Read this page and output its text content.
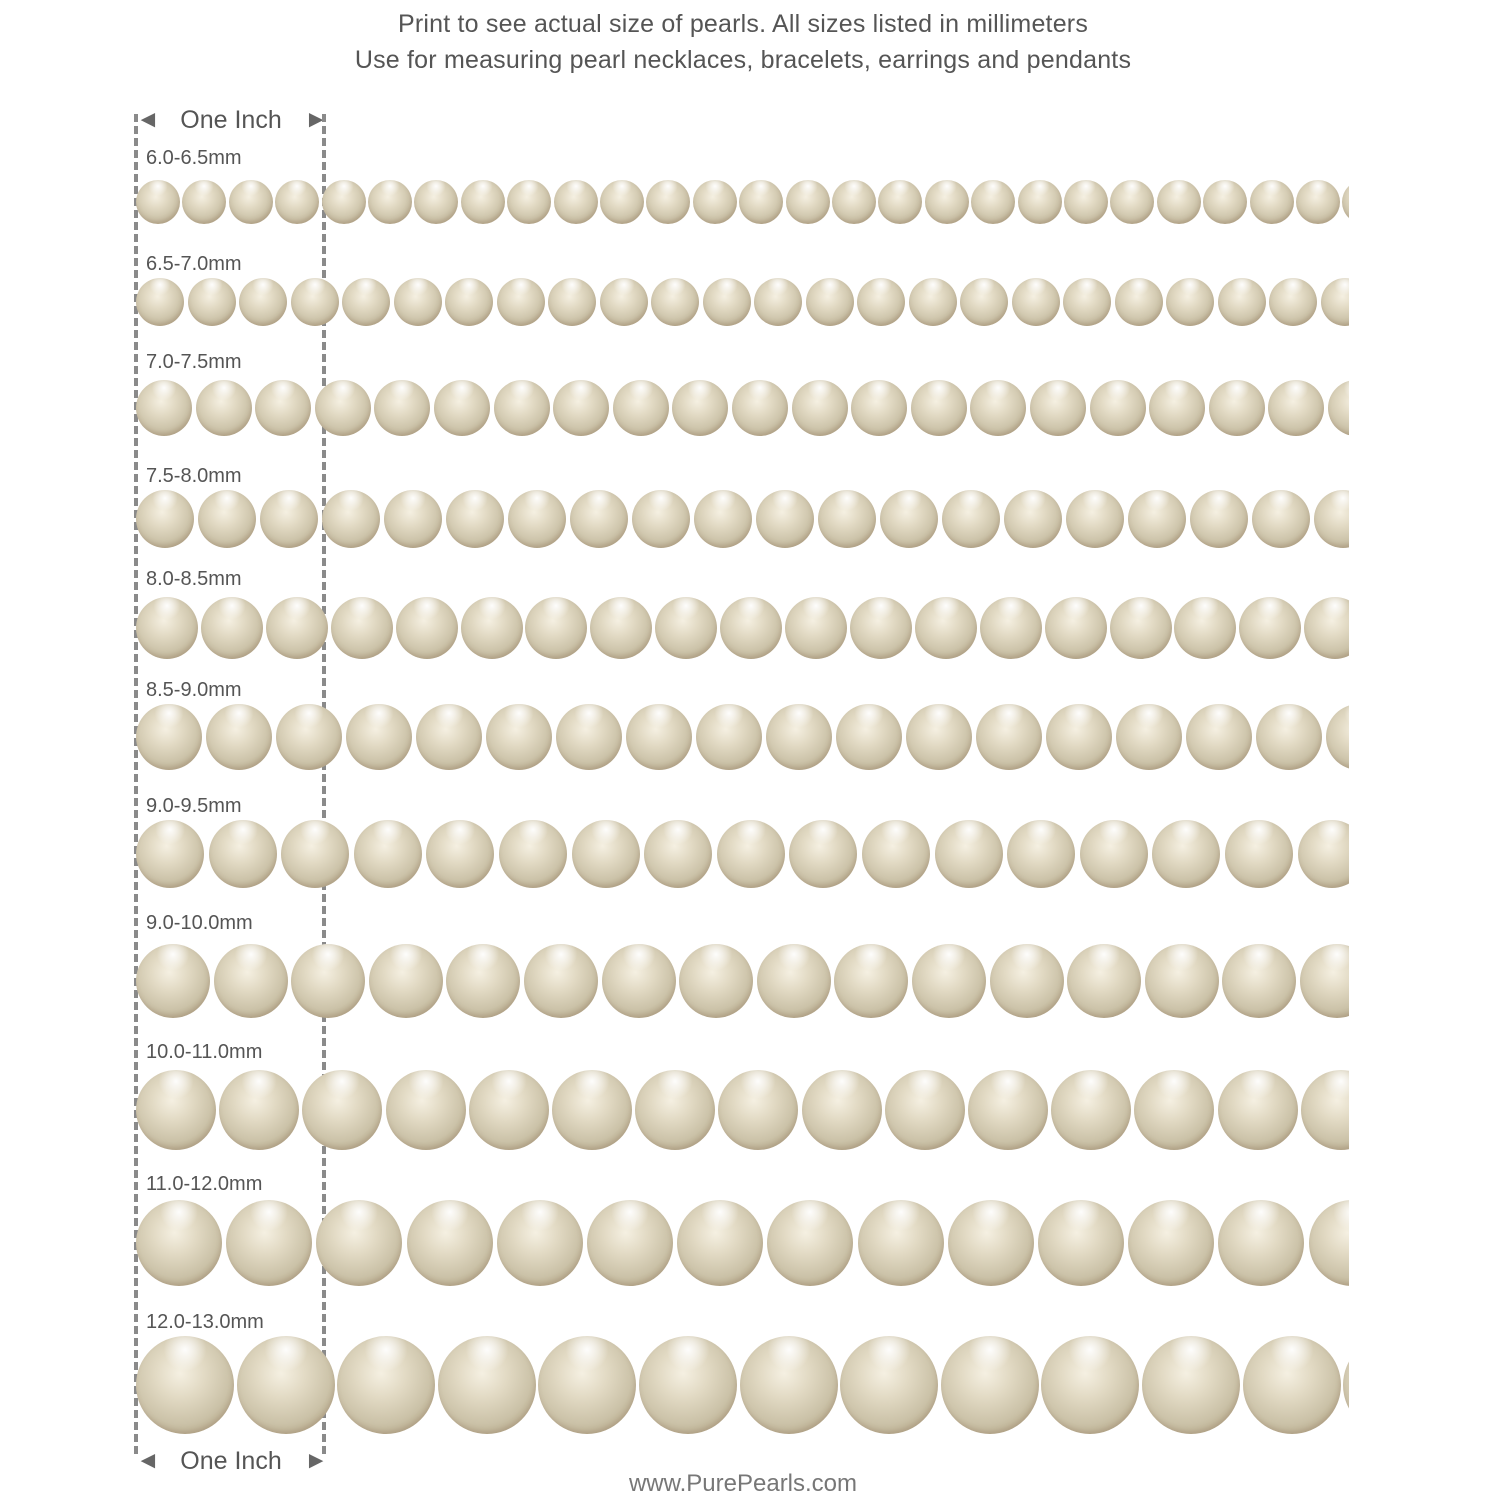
Print to see actual size of pearls. All sizes listed in millimeters
Use for measuring pearl necklaces, bracelets, earrings and pendants
◄ One Inch ►
6.0-6.5mm
6.5-7.0mm
7.0-7.5mm
7.5-8.0mm
8.0-8.5mm
8.5-9.0mm
9.0-9.5mm
9.0-10.0mm
10.0-11.0mm
11.0-12.0mm
12.0-13.0mm
◄ One Inch ►
www.PurePearls.com
